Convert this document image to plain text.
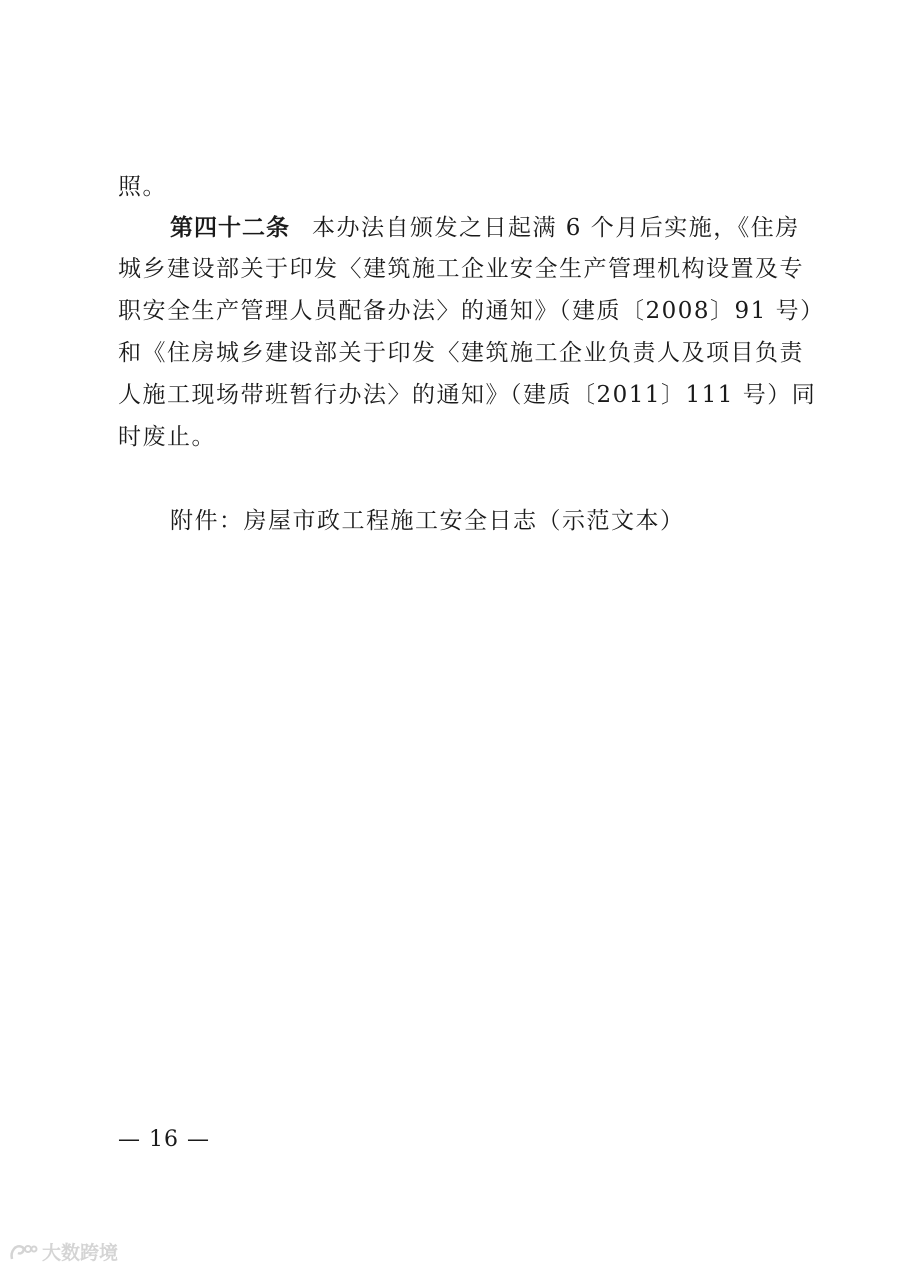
照。
第四十二条 本办法自颁发之日起满 6 个月后实施，《住房
城乡建设部关于印发〈建筑施工企业安全生产管理机构设置及专
职安全生产管理人员配备办法〉的通知》（建质〔2008〕91 号）
和《住房城乡建设部关于印发〈建筑施工企业负责人及项目负责
人施工现场带班暂行办法〉的通知》（建质〔2011〕111 号）同
时废止。
附件：房屋市政工程施工安全日志（示范文本）
— 16 —
大数跨境
